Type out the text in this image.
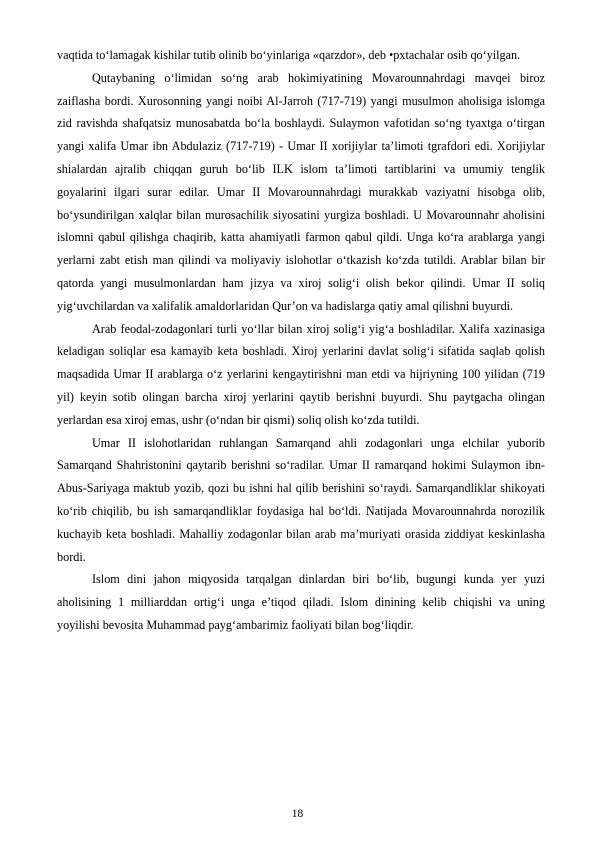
vaqtida to‘lamagak kishilar tutib olinib bo‘yinlariga «qarzdor», deb •pxtachalar osib qo‘yilgan.

Qutaybaning o‘limidan so‘ng arab hokimiyatining Movarounnahrdagi mavqei biroz zaiflasha bordi. Xurosonning yangi noibi Al-Jarroh (717-719) yangi musulmon aholisiga islomga zid ravishda shafqatsiz munosabatda bo‘la boshlaydi. Sulaymon vafotidan so‘ng tyaxtga o‘tirgan yangi xalifa Umar ibn Abdulaziz (717-719) - Umar II xorijiylar ta’limoti tgrafdori edi. Xorijiylar shialardan ajralib chiqqan guruh bo‘lib ILK islom ta’limoti tartiblarini va umumiy tenglik goyalarini ilgari surar edilar. Umar II Movarounnahrdagi murakkab vaziyatni hisobga olib, bo‘ysundirilgan xalqlar bilan murosachilik siyosatini yurgiza boshladi. U Movarounnahr aholisini islomni qabul qilishga chaqirib, katta ahamiyatli farmon qabul qildi. Unga ko‘ra arablarga yangi yerlarni zabt etish man qilindi va moliyaviy islohotlar o‘tkazish ko‘zda tutildi. Arablar bilan bir qatorda yangi musulmonlardan ham jizya va xiroj solig‘i olish bekor qilindi. Umar II soliq yig‘uvchilardan va xalifalik amaldorlaridan Qur’on va hadislarga qatiy amal qilishni buyurdi.

Arab feodal-zodagonlari turli yo‘llar bilan xiroj solig‘i yig‘a boshladilar. Xalifa xazinasiga keladigan soliqlar esa kamayib keta boshladi. Xiroj yerlarini davlat solig‘i sifatida saqlab qolish maqsadida Umar II arablarga o‘z yerlarini kengaytirishni man etdi va hijriyning 100 yilidan (719 yil) keyin sotib olingan barcha xiroj yerlarini qaytib berishni buyurdi. Shu paytgacha olingan yerlardan esa xiroj emas, ushr (o‘ndan bir qismi) soliq olish ko‘zda tutildi.

Umar II islohotlaridan ruhlangan Samarqand ahli zodagonlari unga elchilar yuborib Samarqand Shahristonini qaytarib berishni so‘radilar. Umar II ramarqand hokimi Sulaymon ibn-Abus-Sariyaga maktub yozib, qozi bu ishni hal qilib berishini so‘raydi. Samarqandliklar shikoyati ko‘rib chiqilib, bu ish samarqandliklar foydasiga hal bo‘ldi. Natijada Movarounnahrda norozilik kuchayib keta boshladi. Mahalliy zodagonlar bilan arab ma’muriyati orasida ziddiyat keskinlasha bordi.

Islom dini jahon miqyosida tarqalgan dinlardan biri bo‘lib, bugungi kunda yer yuzi aholisining 1 milliarddan ortig‘i unga e’tiqod qiladi. Islom dinining kelib chiqishi va uning yoyilishi bevosita Muhammad payg‘ambarimiz faoliyati bilan bog‘liqdir.

18
